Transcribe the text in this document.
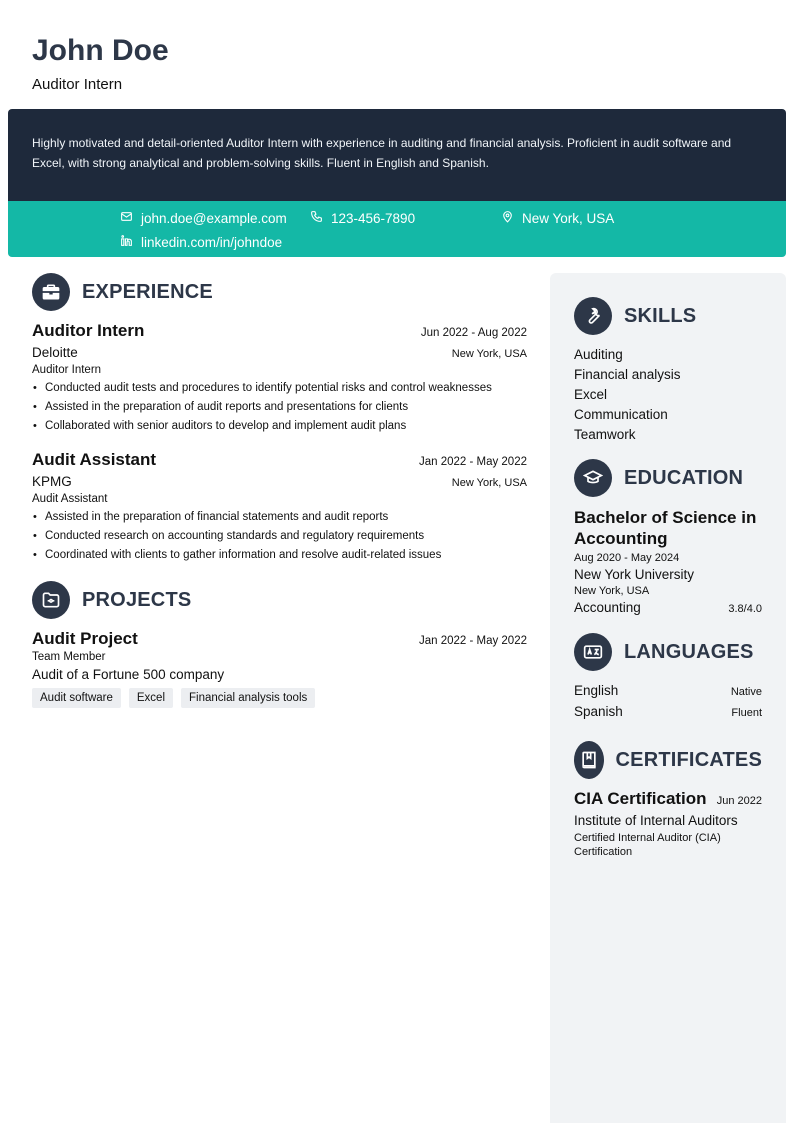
John Doe
Auditor Intern

Highly motivated and detail-oriented Auditor Intern with experience in auditing and financial analysis. Proficient in audit software and Excel, with strong analytical and problem-solving skills. Fluent in English and Spanish.

john.doe@example.com	123-456-7890	New York, USA
linkedin.com/in/johndoe
EXPERIENCE
Auditor Intern	Jun 2022 - Aug 2022
Deloitte	New York, USA
Auditor Intern
• Conducted audit tests and procedures to identify potential risks and control weaknesses
• Assisted in the preparation of audit reports and presentations for clients
• Collaborated with senior auditors to develop and implement audit plans
Audit Assistant	Jan 2022 - May 2022
KPMG	New York, USA
Audit Assistant
• Assisted in the preparation of financial statements and audit reports
• Conducted research on accounting standards and regulatory requirements
• Coordinated with clients to gather information and resolve audit-related issues
PROJECTS
Audit Project	Jan 2022 - May 2022
Team Member
Audit of a Fortune 500 company
Audit software	Excel	Financial analysis tools
SKILLS
Auditing
Financial analysis
Excel
Communication
Teamwork
EDUCATION
Bachelor of Science in Accounting
Aug 2020 - May 2024
New York University
New York, USA
Accounting	3.8/4.0
LANGUAGES
English	Native
Spanish	Fluent
CERTIFICATES
CIA Certification Jun 2022
Institute of Internal Auditors
Certified Internal Auditor (CIA) Certification
